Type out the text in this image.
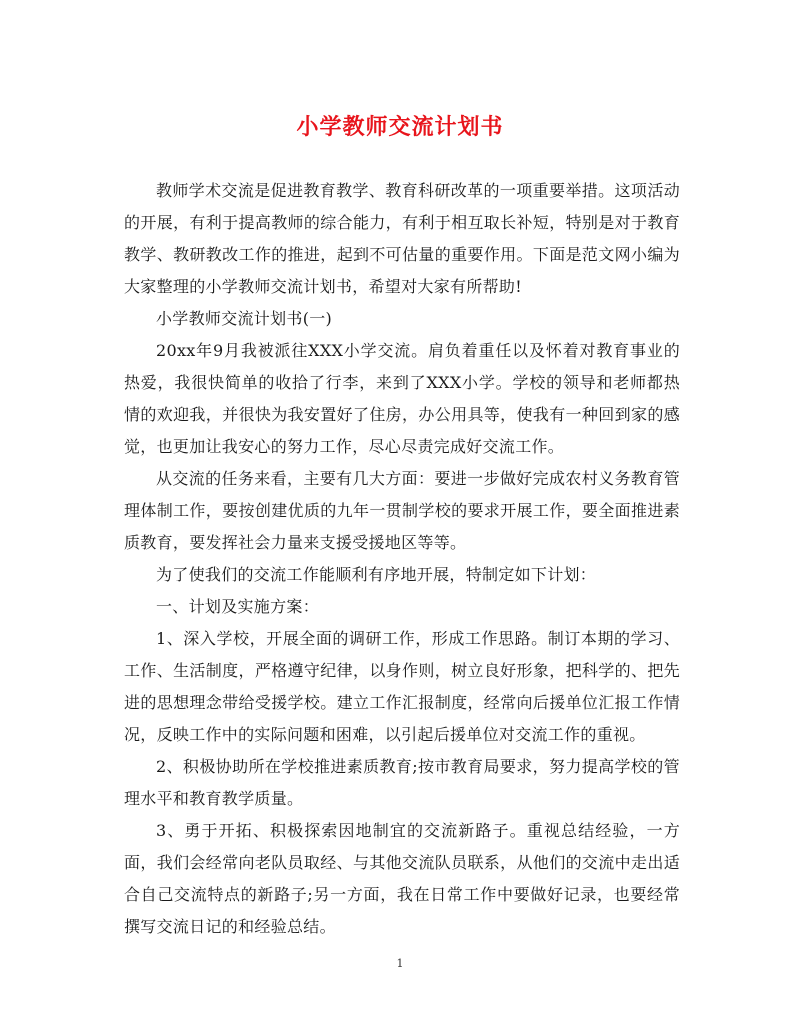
小学教师交流计划书

教师学术交流是促进教育教学、教育科研改革的一项重要举措。这项活动的开展，有利于提高教师的综合能力，有利于相互取长补短，特别是对于教育教学、教研教改工作的推进，起到不可估量的重要作用。下面是范文网小编为大家整理的小学教师交流计划书，希望对大家有所帮助!

小学教师交流计划书(一)

20xx年9月我被派往XXX小学交流。肩负着重任以及怀着对教育事业的热爱，我很快简单的收拾了行李，来到了XXX小学。学校的领导和老师都热情的欢迎我，并很快为我安置好了住房，办公用具等，使我有一种回到家的感觉，也更加让我安心的努力工作，尽心尽责完成好交流工作。

从交流的任务来看，主要有几大方面：要进一步做好完成农村义务教育管理体制工作，要按创建优质的九年一贯制学校的要求开展工作，要全面推进素质教育，要发挥社会力量来支援受援地区等等。

为了使我们的交流工作能顺利有序地开展，特制定如下计划：

一、计划及实施方案：

1、深入学校，开展全面的调研工作，形成工作思路。制订本期的学习、工作、生活制度，严格遵守纪律，以身作则，树立良好形象，把科学的、把先进的思想理念带给受援学校。建立工作汇报制度，经常向后援单位汇报工作情况，反映工作中的实际问题和困难，以引起后援单位对交流工作的重视。

2、积极协助所在学校推进素质教育;按市教育局要求，努力提高学校的管理水平和教育教学质量。

3、勇于开拓、积极探索因地制宜的交流新路子。重视总结经验，一方面，我们会经常向老队员取经、与其他交流队员联系，从他们的交流中走出适合自己交流特点的新路子;另一方面，我在日常工作中要做好记录，也要经常撰写交流日记的和经验总结。

1
